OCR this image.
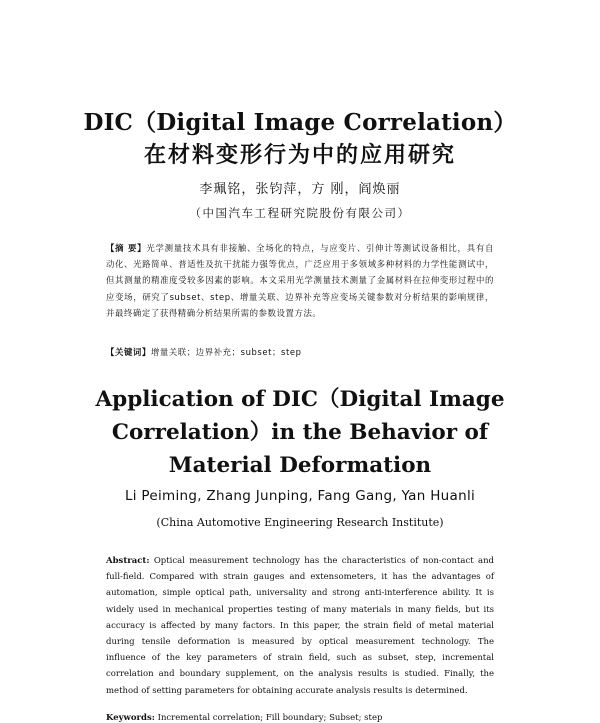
DIC（Digital Image Correlation）
在材料变形行为中的应用研究
李珮铭，张钧萍，方 刚，阎焕丽
（中国汽车工程研究院股份有限公司）
【摘 要】光学测量技术具有非接触、全场化的特点，与应变片、引伸计等测试设备相比，具有自动化、光路简单、普适性及抗干扰能力强等优点，广泛应用于多领域多种材料的力学性能测试中，但其测量的精准度受较多因素的影响。本文采用光学测量技术测量了金属材料在拉伸变形过程中的应变场，研究了subset、step、增量关联、边界补充等应变场关键参数对分析结果的影响规律，并最终确定了获得精确分析结果所需的参数设置方法。
【关键词】增量关联；边界补充；subset；step
Application of DIC（Digital Image
Correlation）in the Behavior of
Material Deformation
Li Peiming, Zhang Junping, Fang Gang, Yan Huanli
(China Automotive Engineering Research Institute)
Abstract: Optical measurement technology has the characteristics of non-contact and full-field. Compared with strain gauges and extensometers, it has the advantages of automation, simple optical path, universality and strong anti-interference ability. It is widely used in mechanical properties testing of many materials in many fields, but its accuracy is affected by many factors. In this paper, the strain field of metal material during tensile deformation is measured by optical measurement technology. The influence of the key parameters of strain field, such as subset, step, incremental correlation and boundary supplement, on the analysis results is studied. Finally, the method of setting parameters for obtaining accurate analysis results is determined.
Keywords: Incremental correlation; Fill boundary; Subset; step
